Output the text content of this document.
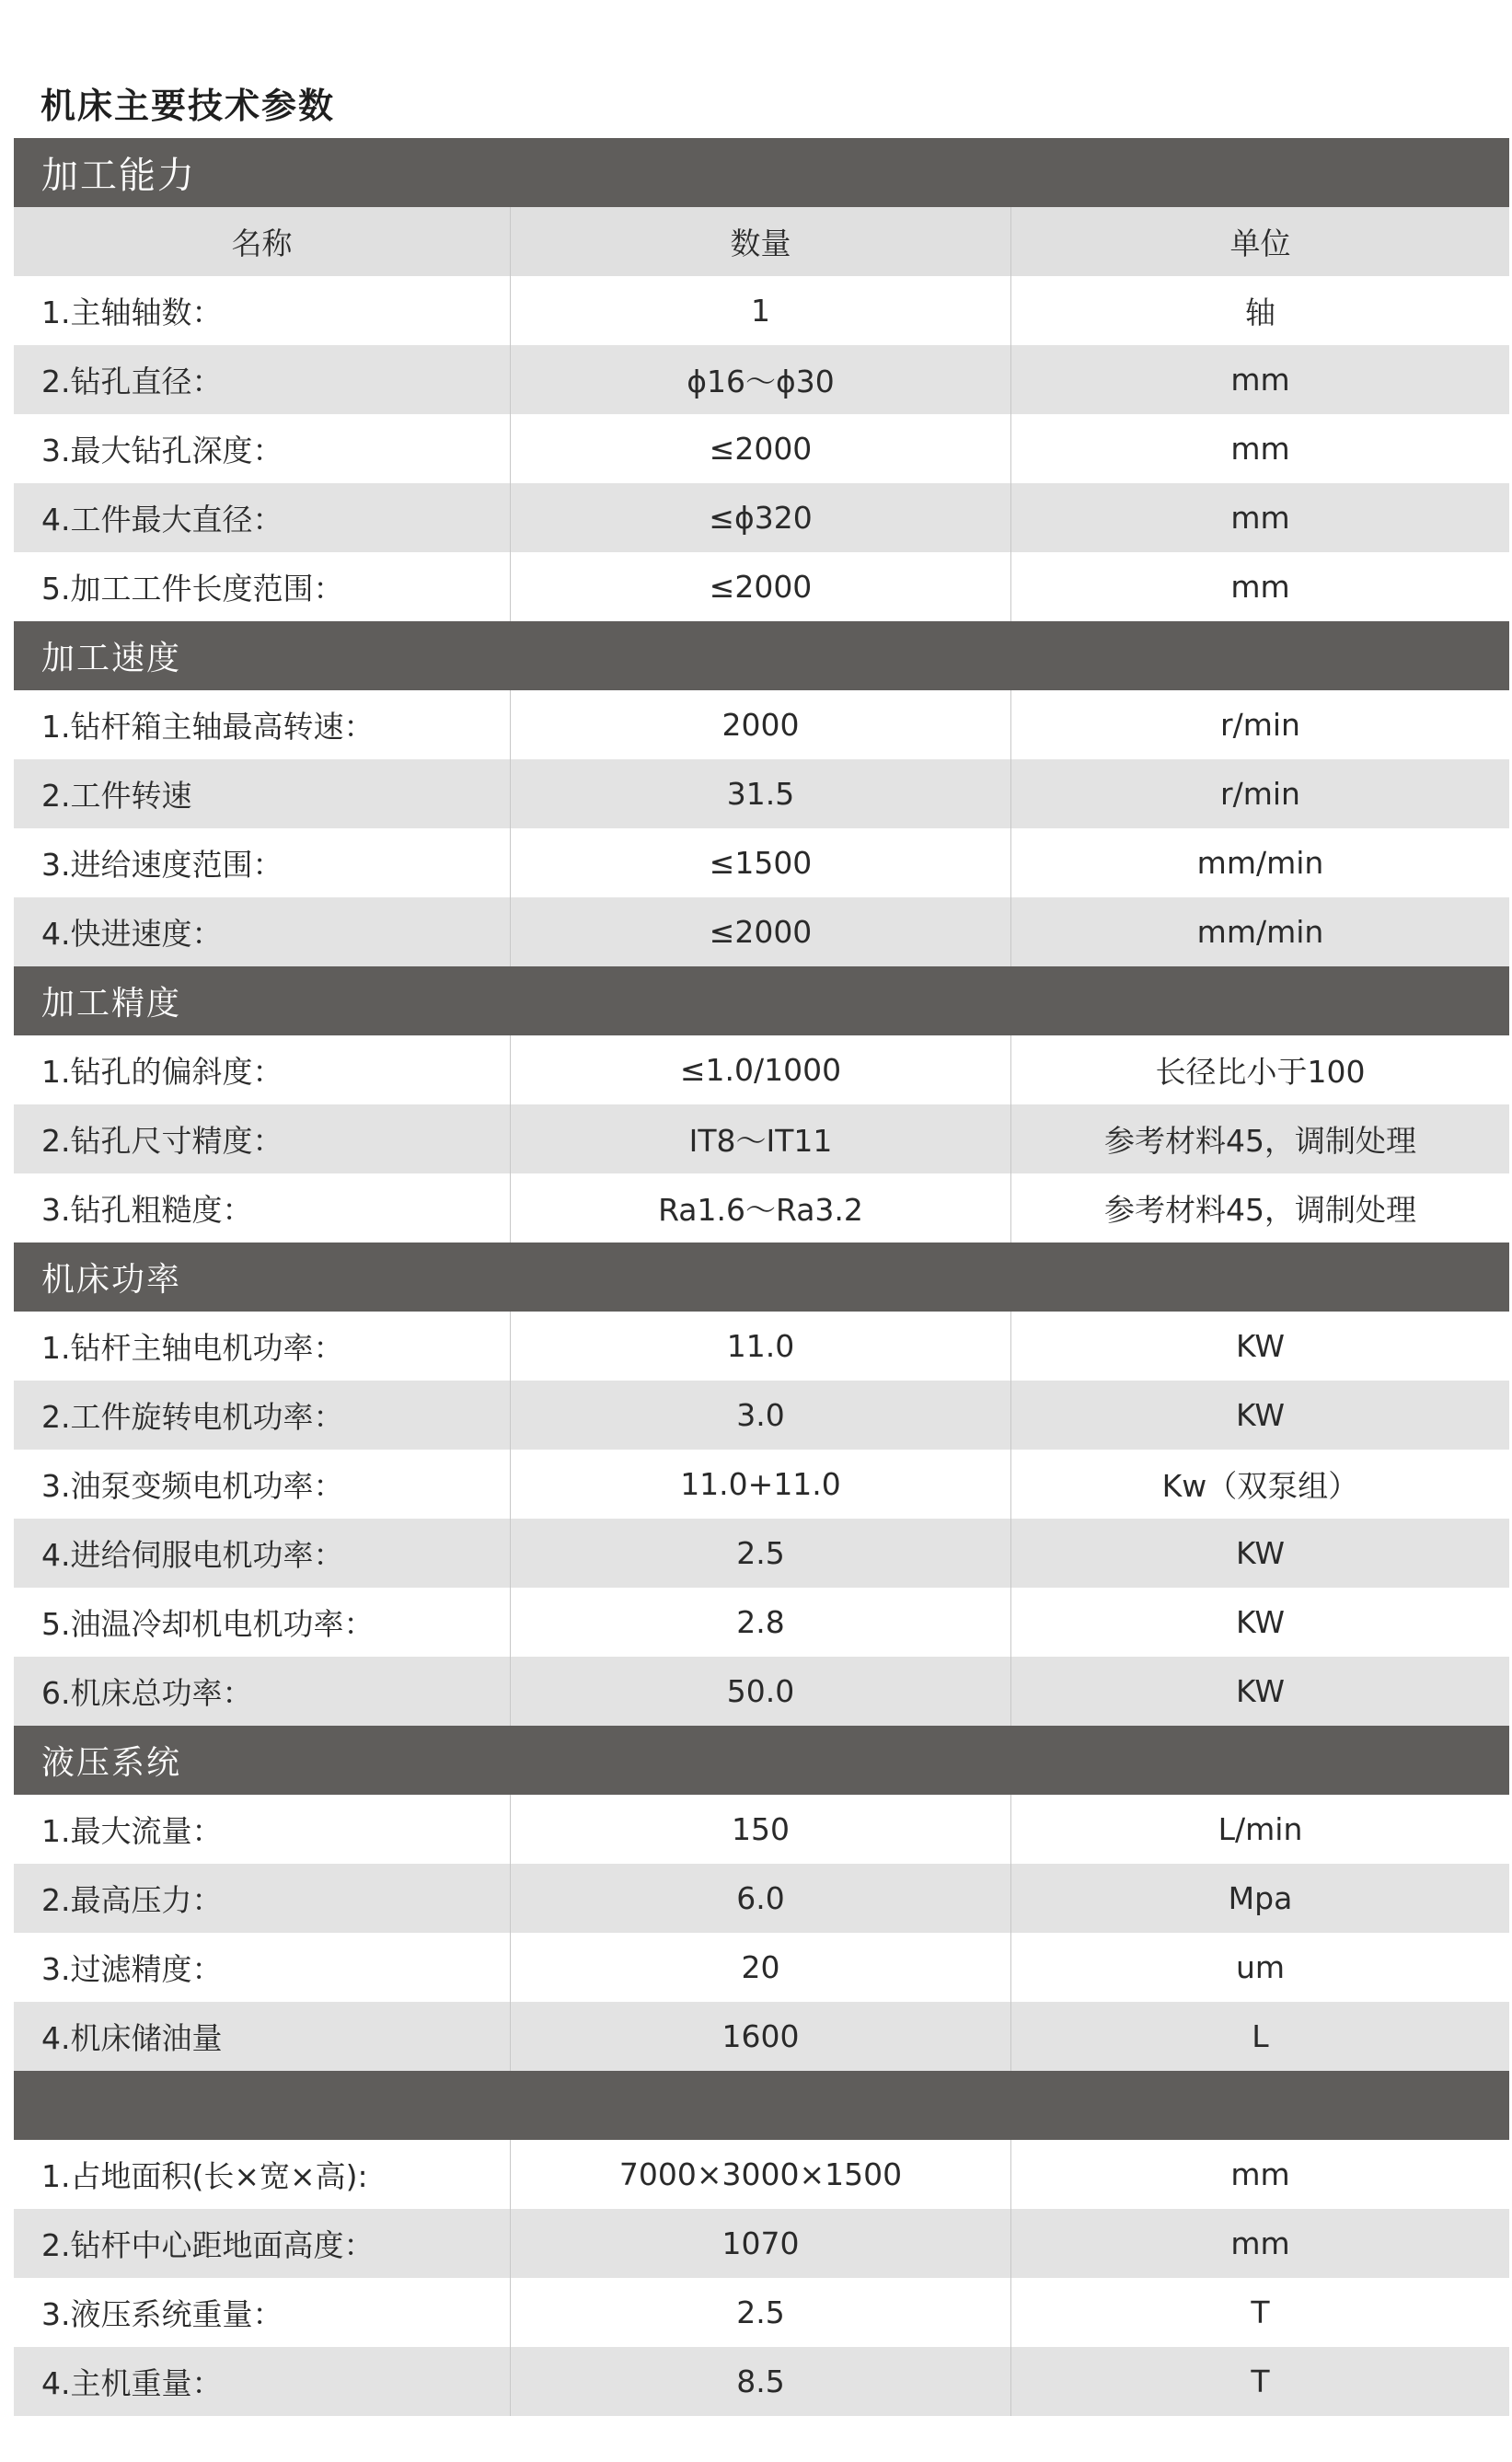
机床主要技术参数
加工能力
名称	数量	单位
1.主轴轴数：	1	轴
2.钻孔直径：	ϕ16～ϕ30	mm
3.最大钻孔深度：	≤2000	mm
4.工件最大直径：	≤ϕ320	mm
5.加工工件长度范围：	≤2000	mm
加工速度
1.钻杆箱主轴最高转速：	2000	r/min
2.工件转速	31.5	r/min
3.进给速度范围：	≤1500	mm/min
4.快进速度：	≤2000	mm/min
加工精度
1.钻孔的偏斜度：	≤1.0/1000	长径比小于100
2.钻孔尺寸精度：	IT8～IT11	参考材料45，调制处理
3.钻孔粗糙度：	Ra1.6～Ra3.2	参考材料45，调制处理
机床功率
1.钻杆主轴电机功率：	11.0	KW
2.工件旋转电机功率：	3.0	KW
3.油泵变频电机功率：	11.0+11.0	Kw（双泵组）
4.进给伺服电机功率：	2.5	KW
5.油温冷却机电机功率：	2.8	KW
6.机床总功率：	50.0	KW
液压系统
1.最大流量：	150	L/min
2.最高压力：	6.0	Mpa
3.过滤精度：	20	um
4.机床储油量	1600	L
1.占地面积(长×宽×高):	7000×3000×1500	mm
2.钻杆中心距地面高度：	1070	mm
3.液压系统重量：	2.5	T
4.主机重量：	8.5	T
